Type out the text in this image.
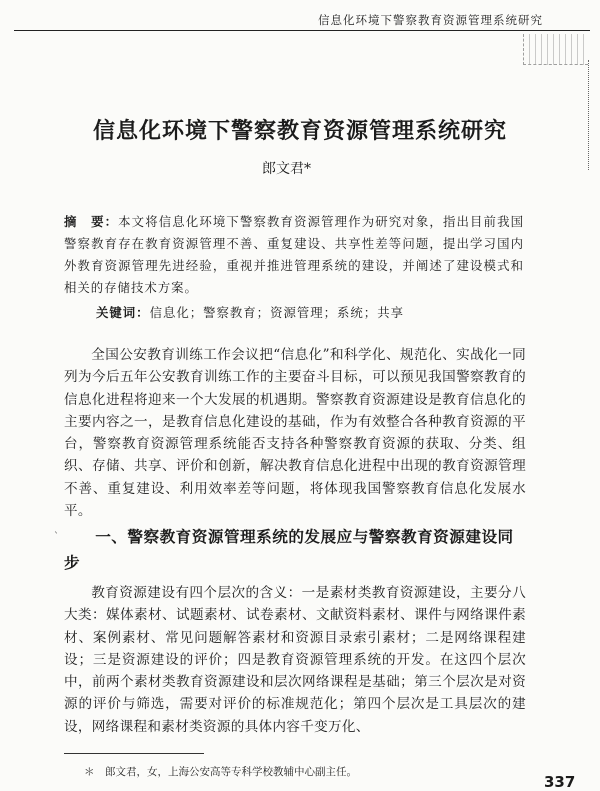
信息化环境下警察教育资源管理系统研究
信息化环境下警察教育资源管理系统研究
郎文君*
摘　要：本文将信息化环境下警察教育资源管理作为研究对象，指出目前我国警察教育存在教育资源管理不善、重复建设、共享性差等问题，提出学习国内外教育资源管理先进经验，重视并推进管理系统的建设，并阐述了建设模式和相关的存储技术方案。
关键词：信息化；警察教育；资源管理；系统；共享
全国公安教育训练工作会议把“信息化”和科学化、规范化、实战化一同列为今后五年公安教育训练工作的主要奋斗目标，可以预见我国警察教育的信息化进程将迎来一个大发展的机遇期。警察教育资源建设是教育信息化的主要内容之一，是教育信息化建设的基础，作为有效整合各种教育资源的平台，警察教育资源管理系统能否支持各种警察教育资源的获取、分类、组织、存储、共享、评价和创新，解决教育信息化进程中出现的教育资源管理不善、重复建设、利用效率差等问题，将体现我国警察教育信息化发展水平。
ˋ	一、警察教育资源管理系统的发展应与警察教育资源建设同步
教育资源建设有四个层次的含义：一是素材类教育资源建设，主要分八大类：媒体素材、试题素材、试卷素材、文献资料素材、课件与网络课件素材、案例素材、常见问题解答素材和资源目录索引素材；二是网络课程建设；三是资源建设的评价；四是教育资源管理系统的开发。在这四个层次中，前两个素材类教育资源建设和层次网络课程是基础；第三个层次是对资源的评价与筛选，需要对评价的标准规范化；第四个层次是工具层次的建设，网络课程和素材类资源的具体内容千变万化、
＊　郎文君，女，上海公安高等专科学校教辅中心副主任。
337
